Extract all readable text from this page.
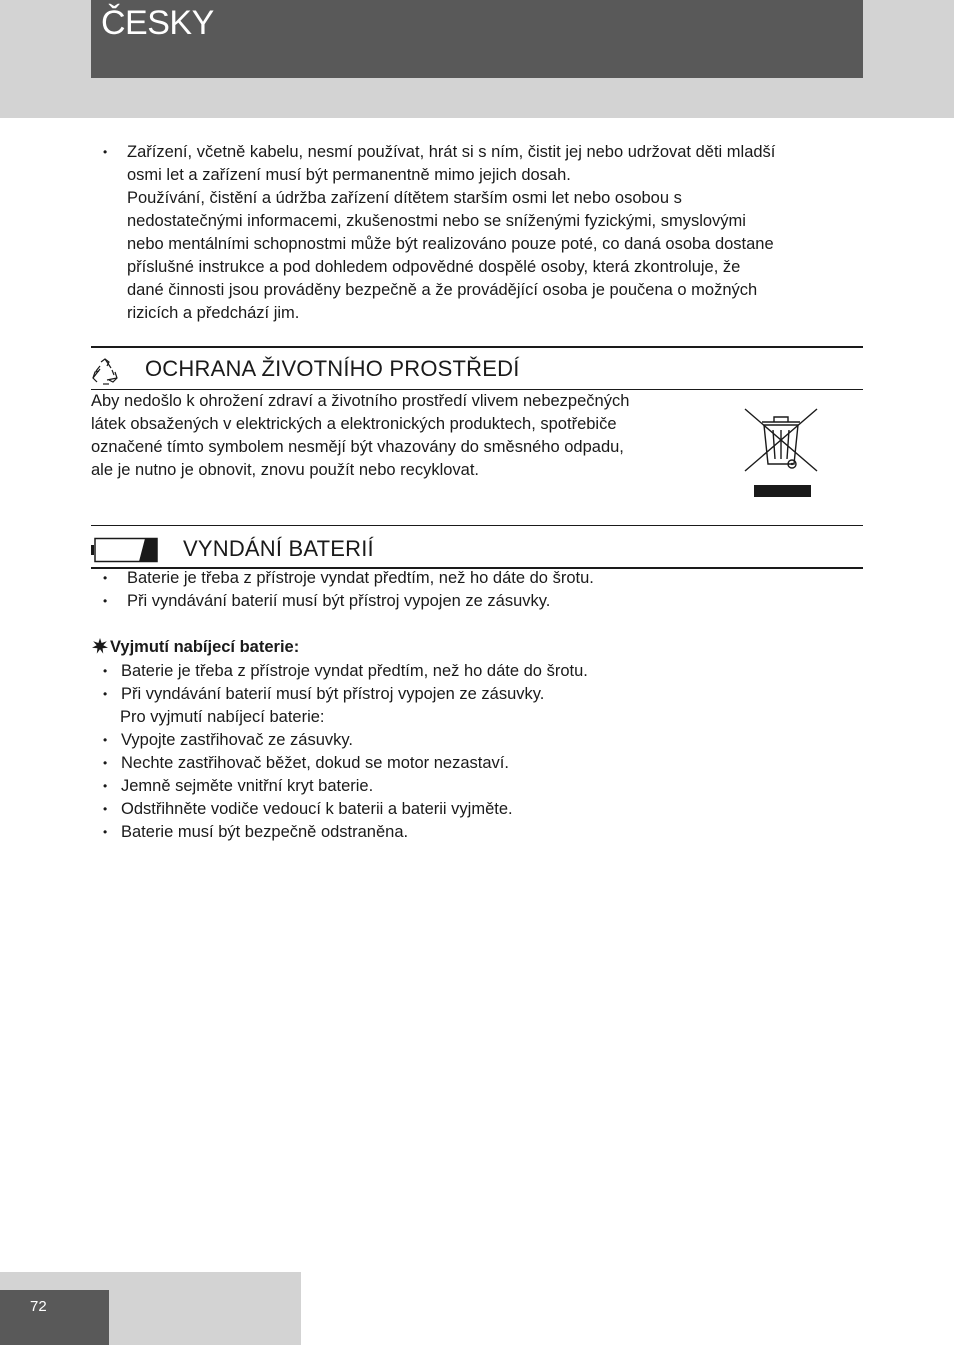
ČESKY
• Zařízení, včetně kabelu, nesmí používat, hrát si s ním, čistit jej nebo udržovat děti mladší
osmi let a zařízení musí být permanentně mimo jejich dosah.
Používání, čistění a údržba zařízení dítětem starším osmi let nebo osobou s
nedostatečnými informacemi, zkušenostmi nebo se sníženými fyzickými, smyslovými
nebo mentálními schopnostmi může být realizováno pouze poté, co daná osoba dostane
příslušné instrukce a pod dohledem odpovědné dospělé osoby, která zkontroluje, že
dané činnosti jsou prováděny bezpečně a že provádějící osoba je poučena o možných
rizicích a předchází jim.
OCHRANA ŽIVOTNÍHO PROSTŘEDÍ
Aby nedošlo k ohrožení zdraví a životního prostředí vlivem nebezpečných
látek obsažených v elektrických a elektronických produktech, spotřebiče
označené tímto symbolem nesmějí být vhazovány do směsného odpadu,
ale je nutno je obnovit, znovu použít nebo recyklovat.
VYNDÁNÍ BATERIÍ
•	Baterie je třeba z přístroje vyndat předtím, než ho dáte do šrotu.
•	Při vyndávání baterií musí být přístroj vypojen ze zásuvky.
Vyjmutí nabíjecí baterie:
• Baterie je třeba z přístroje vyndat předtím, než ho dáte do šrotu.
• Při vyndávání baterií musí být přístroj vypojen ze zásuvky.
Pro vyjmutí nabíjecí baterie:
• Vypojte zastřihovač ze zásuvky.
• Nechte zastřihovač běžet, dokud se motor nezastaví.
• Jemně sejměte vnitřní kryt baterie.
• Odstřihněte vodiče vedoucí k baterii a baterii vyjměte.
• Baterie musí být bezpečně odstraněna.
72
